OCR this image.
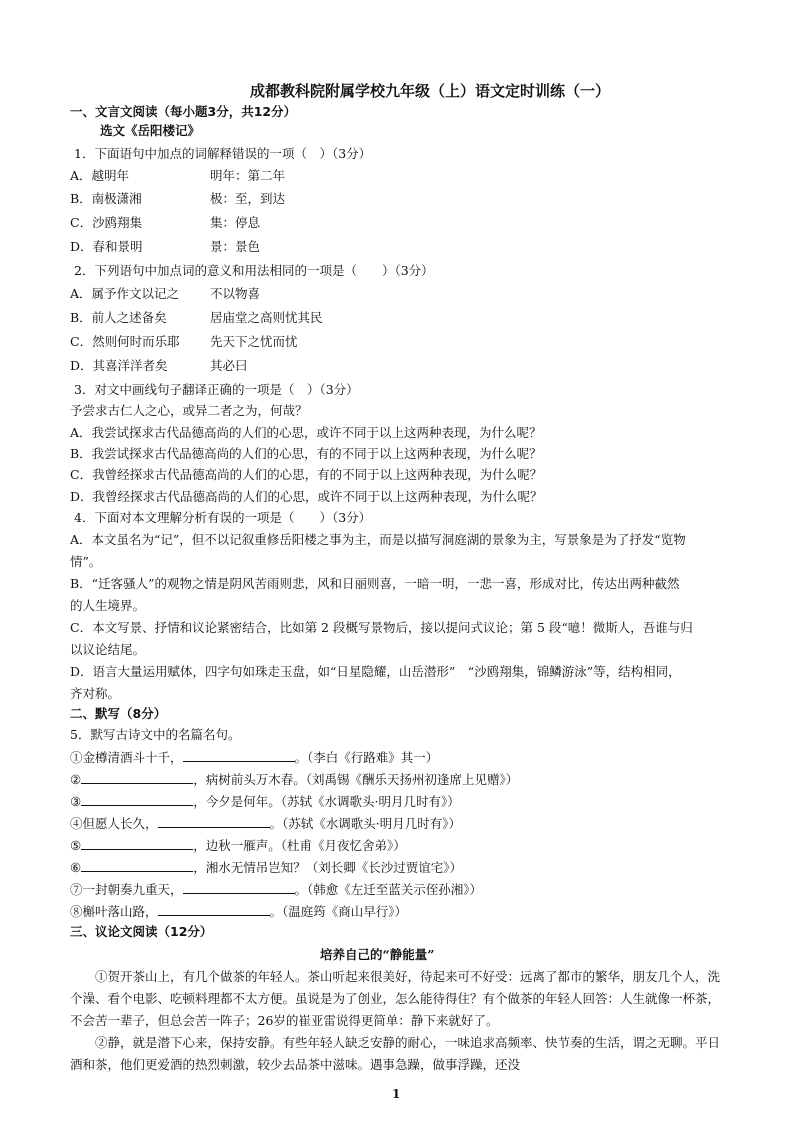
成都教科院附属学校九年级（上）语文定时训练（一）
一、文言文阅读（每小题3分，共12分）
选文《岳阳楼记》
1．下面语句中加点的词解释错误的一项（　）（3分）
A．越明年	明年：第二年
B．南极潇湘	极：至，到达
C．沙鸥翔集	集：停息
D．春和景明	景：景色
2．下列语句中加点词的意义和用法相同的一项是（　　）（3分）
A．属予作文以记之 不以物喜
B．前人之述备矣	居庙堂之高则忧其民
C．然则何时而乐耶 先天下之忧而忧
D．其喜洋洋者矣	其必曰
3．对文中画线句子翻译正确的一项是（　）（3分）
予尝求古仁人之心，或异二者之为，何哉？
A．我尝试探求古代品德高尚的人们的心思，或许不同于以上这两种表现，为什么呢？
B．我尝试探求古代品德高尚的人们的心思，有的不同于以上这两种表现，为什么呢？
C．我曾经探求古代品德高尚的人们的心思，有的不同于以上这两种表现，为什么呢？
D．我曾经探求古代品德高尚的人们的心思，或许不同于以上这两种表现，为什么呢？
4．下面对本文理解分析有误的一项是（　　）（3分）
A．本文虽名为“记”，但不以记叙重修岳阳楼之事为主，而是以描写洞庭湖的景象为主，写景象是为了抒发“览物
情”。
B．“迁客骚人”的观物之情是阴风苦雨则悲，风和日丽则喜，一暗一明，一悲一喜，形成对比，传达出两种截然
的人生境界。
C．本文写景、抒情和议论紧密结合，比如第 2 段概写景物后，接以提问式议论；第 5 段“噫！微斯人，吾谁与归
以议论结尾。
D．语言大量运用赋体，四字句如珠走玉盘，如“日星隐耀，山岳潜形”　“沙鸥翔集，锦鳞游泳”等，结构相同，
齐对称。
二、默写（8分）
5．默写古诗文中的名篇名句。
①金樽清酒斗十千，	。（李白《行路难》其一）
②	，病树前头万木春。（刘禹锡《酬乐天扬州初逢席上见赠》）
③	，今夕是何年。（苏轼《水调歌头·明月几时有》）
④但愿人长久，	。（苏轼《水调歌头·明月几时有》）
⑤	，边秋一雁声。（杜甫《月夜忆舍弟》）
⑥	，湘水无情吊岂知？（刘长卿《长沙过贾谊宅》）
⑦一封朝奏九重天，	。（韩愈《左迁至蓝关示侄孙湘》）
⑧槲叶落山路，	。（温庭筠《商山早行》）
三、议论文阅读（12分）
培养自己的“静能量”
①贺开茶山上，有几个做茶的年轻人。茶山听起来很美好，待起来可不好受：远离了都市的繁华，朋友几个人，洗个澡、看个电影、吃顿料理都不太方便。虽说是为了创业，怎么能待得住？有个做茶的年轻人回答：人生就像一杯茶，不会苦一辈子，但总会苦一阵子；26岁的崔亚雷说得更简单：静下来就好了。
②静，就是潜下心来，保持安静。有些年轻人缺乏安静的耐心，一味追求高频率、快节奏的生活，谓之无聊。平日酒和茶，他们更爱酒的热烈刺激，较少去品茶中滋味。遇事急躁，做事浮躁，还没
1
